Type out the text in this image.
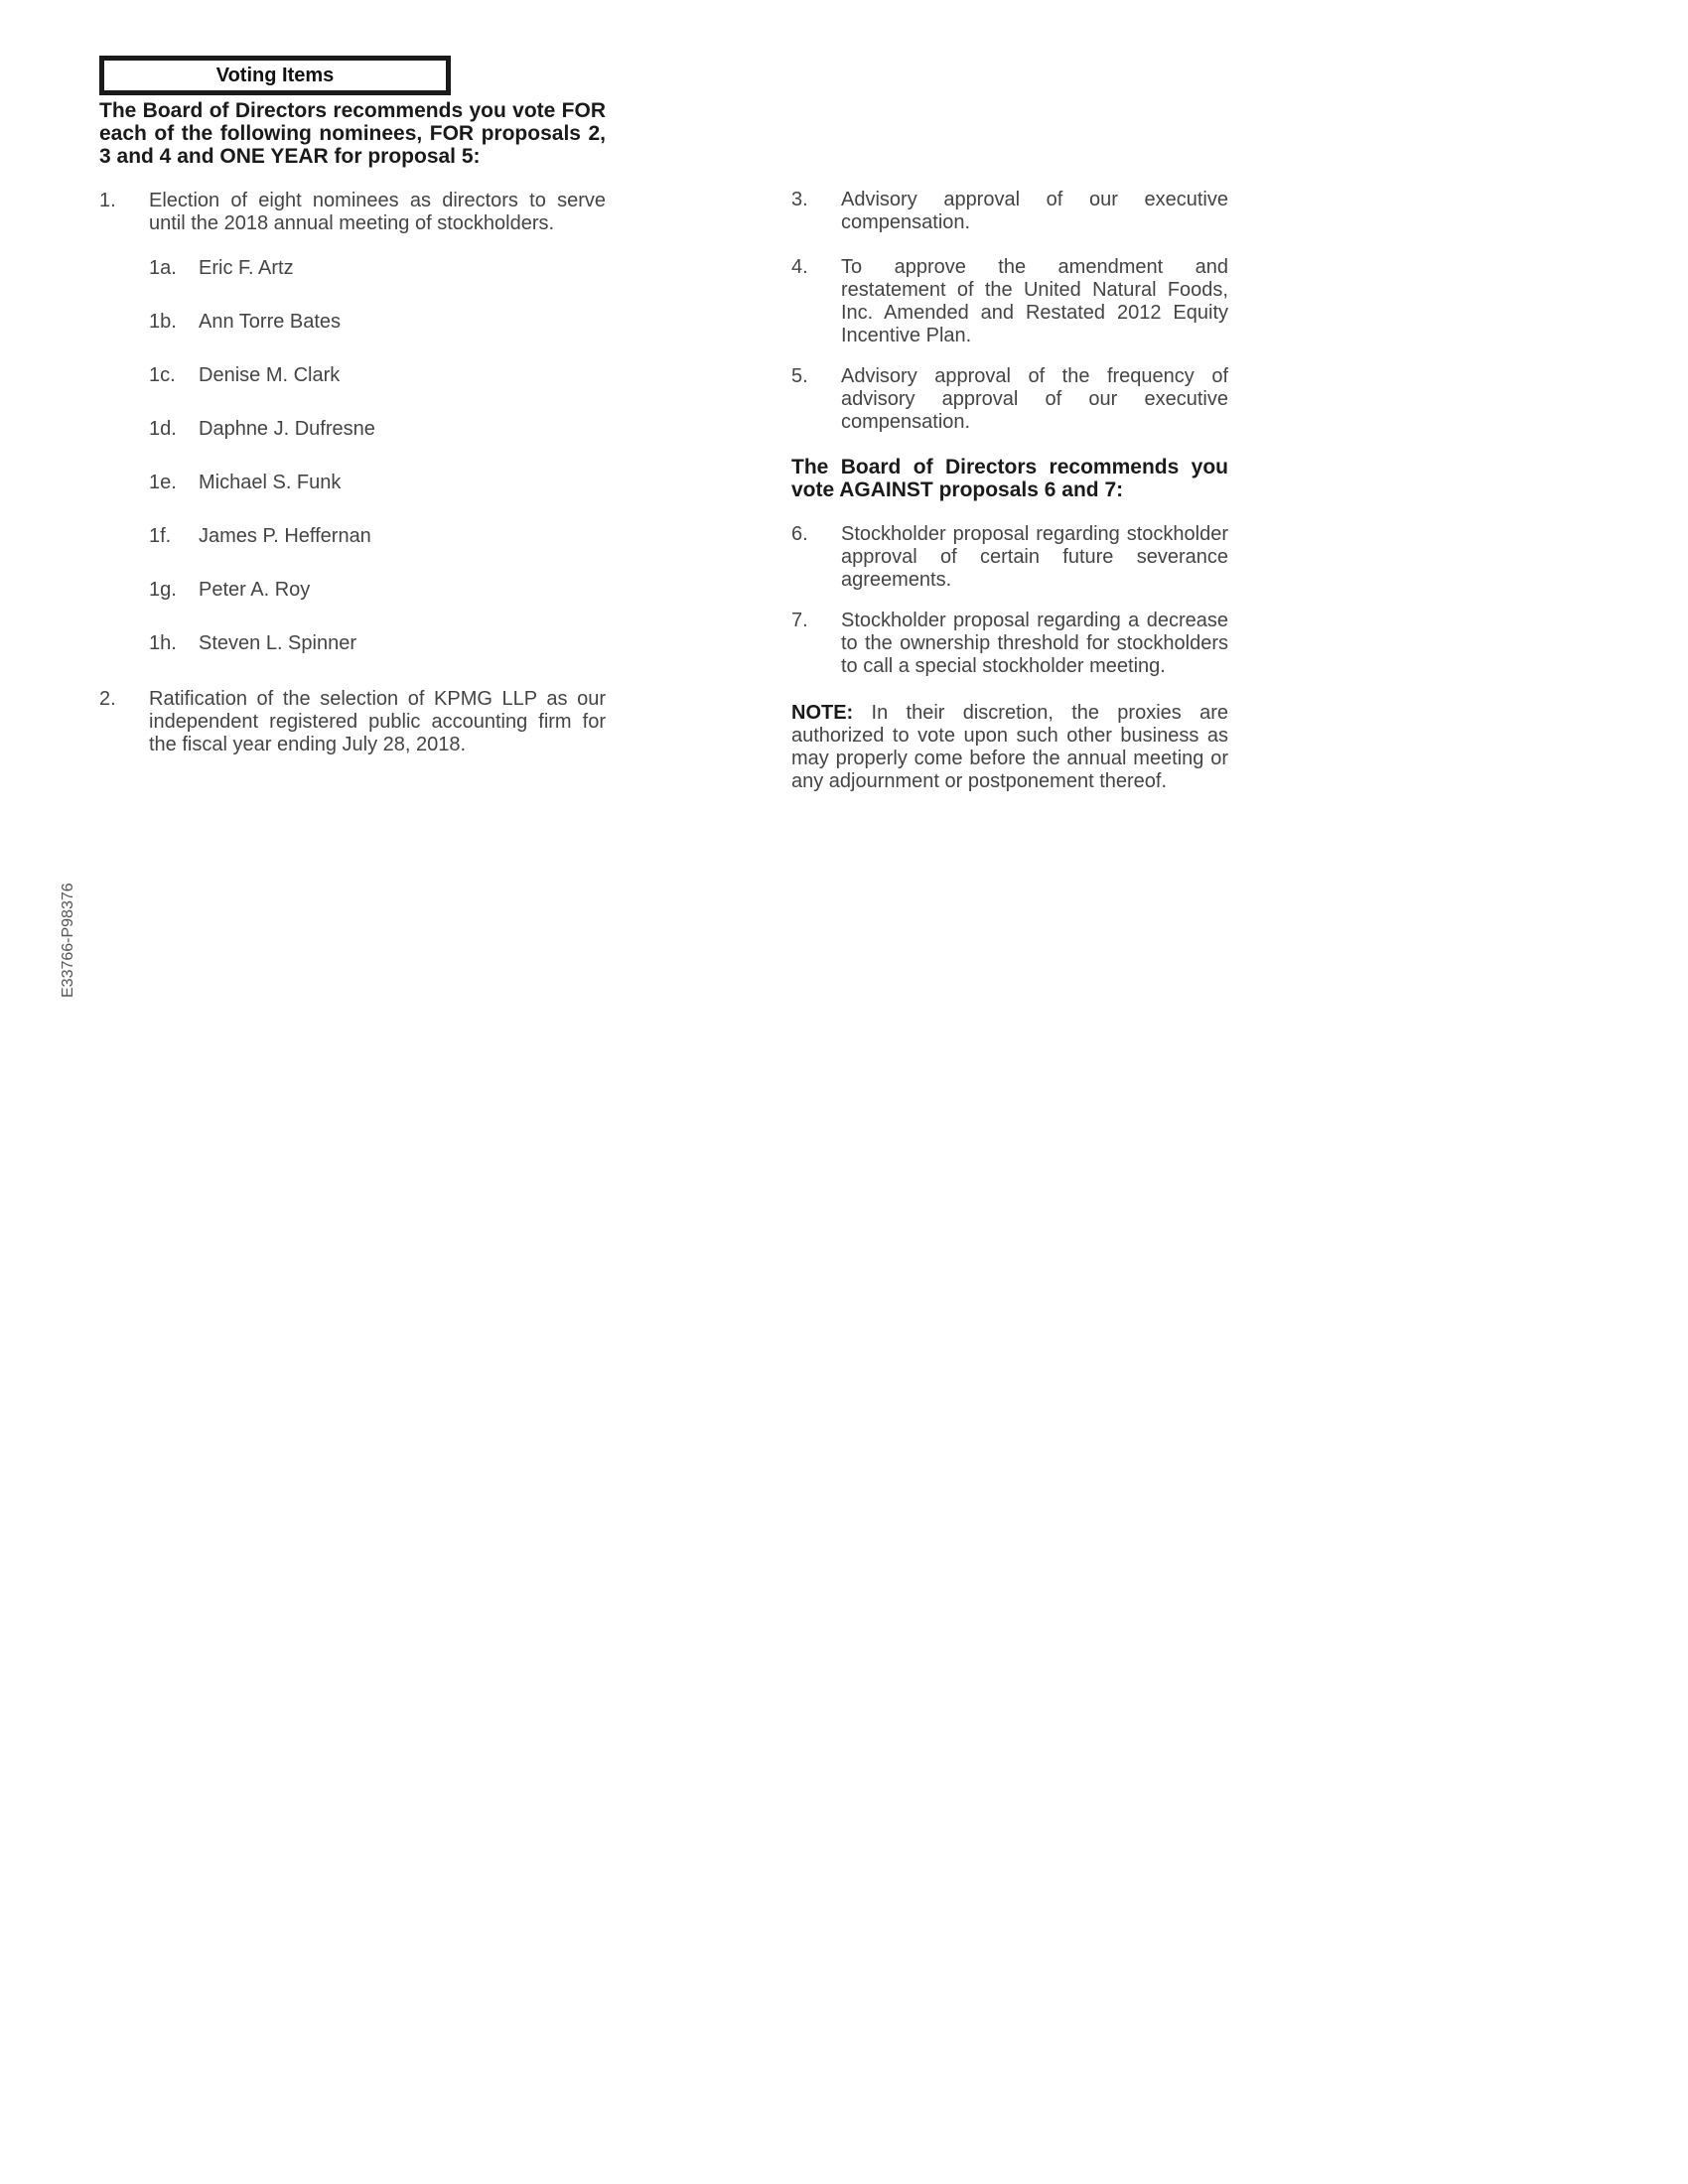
Voting Items

The Board of Directors recommends you vote FOR each of the following nominees, FOR proposals 2, 3 and 4 and ONE YEAR for proposal 5:

1.	Election of eight nominees as directors to serve until the 2018 annual meeting of stockholders.
1a.	Eric F. Artz
1b.	Ann Torre Bates
1c.	Denise M. Clark
1d.	Daphne J. Dufresne
1e.	Michael S. Funk
1f.	James P. Heffernan
1g.	Peter A. Roy
1h.	Steven L. Spinner
2.	Ratification of the selection of KPMG LLP as our independent registered public accounting firm for the fiscal year ending July 28, 2018.
3.	Advisory approval of our executive compensation.
4.	To approve the amendment and restatement of the United Natural Foods, Inc. Amended and Restated 2012 Equity Incentive Plan.
5.	Advisory approval of the frequency of advisory approval of our executive compensation.

The Board of Directors recommends you vote AGAINST proposals 6 and 7:

6.	Stockholder proposal regarding stockholder approval of certain future severance agreements.
7.	Stockholder proposal regarding a decrease to the ownership threshold for stockholders to call a special stockholder meeting.

NOTE: In their discretion, the proxies are authorized to vote upon such other business as may properly come before the annual meeting or any adjournment or postponement thereof.

E33766-P98376
